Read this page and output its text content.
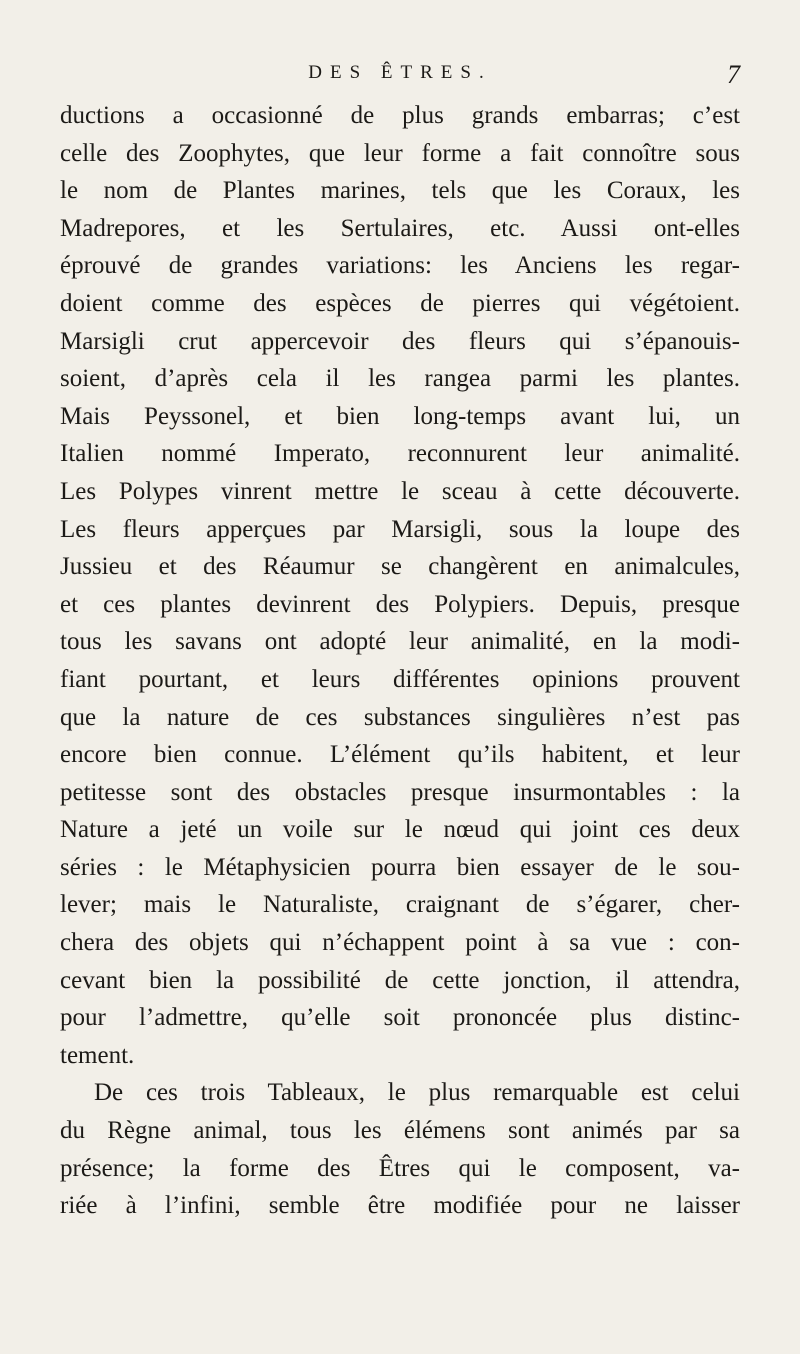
DES ÊTRES.	7
ductions a occasionné de plus grands embarras; c’est
celle des Zoophytes, que leur forme a fait connoître sous
le nom de Plantes marines, tels que les Coraux, les
Madrepores, et les Sertulaires, etc. Aussi ont-elles
éprouvé de grandes variations: les Anciens les regar-
doient comme des espèces de pierres qui végétoient.
Marsigli crut appercevoir des fleurs qui s’épanouis-
soient, d’après cela il les rangea parmi les plantes.
Mais Peyssonel, et bien long-temps avant lui, un
Italien nommé Imperato, reconnurent leur animalité.
Les Polypes vinrent mettre le sceau à cette découverte.
Les fleurs apperçues par Marsigli, sous la loupe des
Jussieu et des Réaumur se changèrent en animalcules,
et ces plantes devinrent des Polypiers. Depuis, presque
tous les savans ont adopté leur animalité, en la modi-
fiant pourtant, et leurs différentes opinions prouvent
que la nature de ces substances singulières n’est pas
encore bien connue. L’élément qu’ils habitent, et leur
petitesse sont des obstacles presque insurmontables : la
Nature a jeté un voile sur le nœud qui joint ces deux
séries : le Métaphysicien pourra bien essayer de le sou-
lever; mais le Naturaliste, craignant de s’égarer, cher-
chera des objets qui n’échappent point à sa vue : con-
cevant bien la possibilité de cette jonction, il attendra,
pour l’admettre, qu’elle soit prononcée plus distinc-
tement.
De ces trois Tableaux, le plus remarquable est celui
du Règne animal, tous les élémens sont animés par sa
présence; la forme des Êtres qui le composent, va-
riée à l’infini, semble être modifiée pour ne laisser
